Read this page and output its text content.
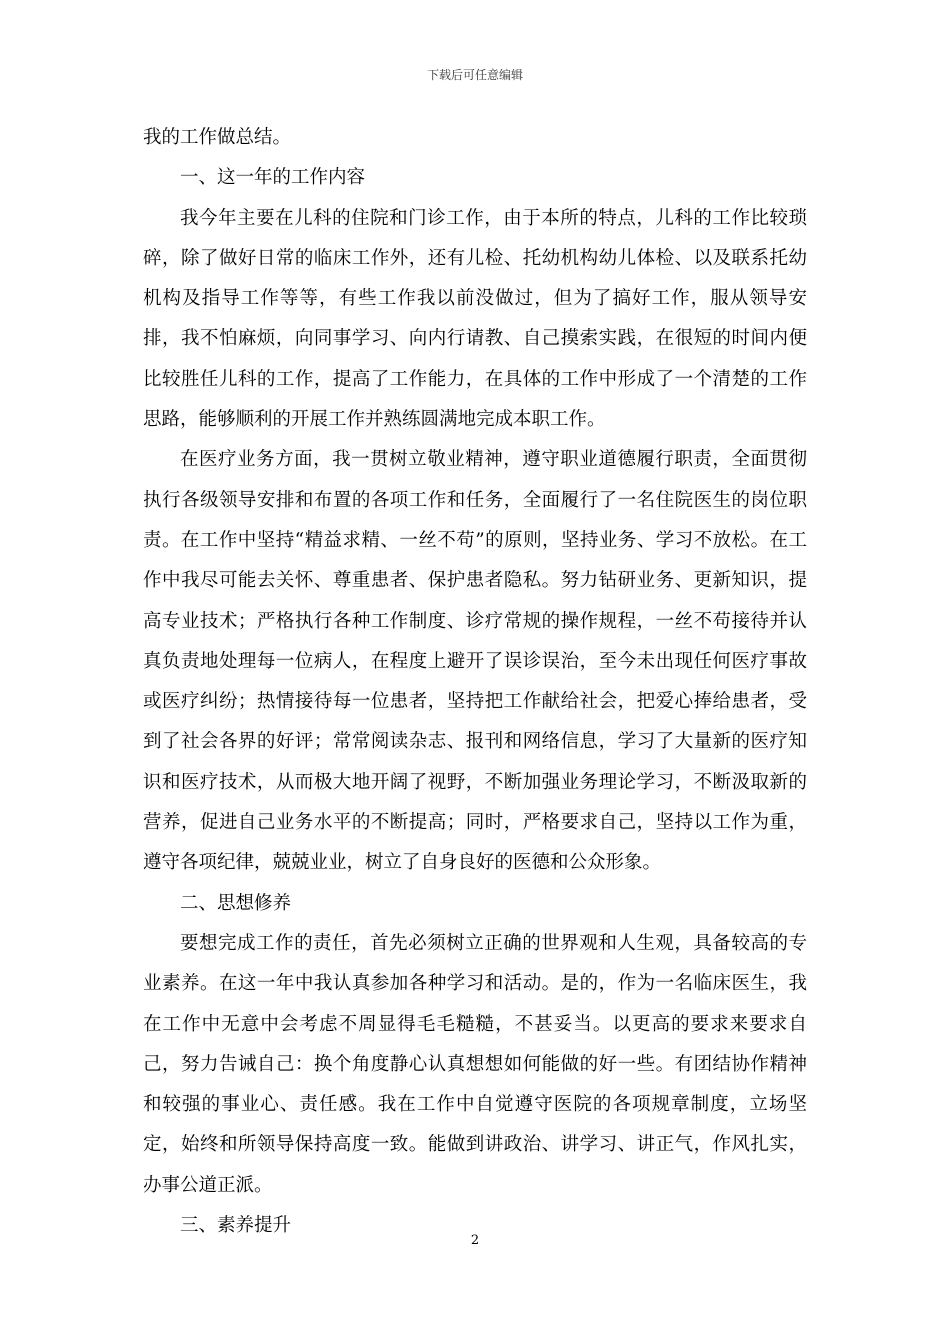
下载后可任意编辑

我的工作做总结。

一、这一年的工作内容

我今年主要在儿科的住院和门诊工作，由于本所的特点，儿科的工作比较琐碎，除了做好日常的临床工作外，还有儿检、托幼机构幼儿体检、以及联系托幼机构及指导工作等等，有些工作我以前没做过，但为了搞好工作，服从领导安排，我不怕麻烦，向同事学习、向内行请教、自己摸索实践，在很短的时间内便比较胜任儿科的工作，提高了工作能力，在具体的工作中形成了一个清楚的工作思路，能够顺利的开展工作并熟练圆满地完成本职工作。

在医疗业务方面，我一贯树立敬业精神，遵守职业道德履行职责，全面贯彻执行各级领导安排和布置的各项工作和任务，全面履行了一名住院医生的岗位职责。在工作中坚持“精益求精、一丝不苟”的原则，坚持业务、学习不放松。在工作中我尽可能去关怀、尊重患者、保护患者隐私。努力钻研业务、更新知识，提高专业技术；严格执行各种工作制度、诊疗常规的操作规程，一丝不苟接待并认真负责地处理每一位病人，在程度上避开了误诊误治，至今未出现任何医疗事故或医疗纠纷；热情接待每一位患者，坚持把工作献给社会，把爱心捧给患者，受到了社会各界的好评；常常阅读杂志、报刊和网络信息，学习了大量新的医疗知识和医疗技术，从而极大地开阔了视野，不断加强业务理论学习，不断汲取新的营养，促进自己业务水平的不断提高；同时，严格要求自己，坚持以工作为重，遵守各项纪律，兢兢业业，树立了自身良好的医德和公众形象。

二、思想修养

要想完成工作的责任，首先必须树立正确的世界观和人生观，具备较高的专业素养。在这一年中我认真参加各种学习和活动。是的，作为一名临床医生，我在工作中无意中会考虑不周显得毛毛糙糙，不甚妥当。以更高的要求来要求自己，努力告诫自己：换个角度静心认真想想如何能做的好一些。有团结协作精神和较强的事业心、责任感。我在工作中自觉遵守医院的各项规章制度，立场坚定，始终和所领导保持高度一致。能做到讲政治、讲学习、讲正气，作风扎实，办事公道正派。

三、素养提升

2
